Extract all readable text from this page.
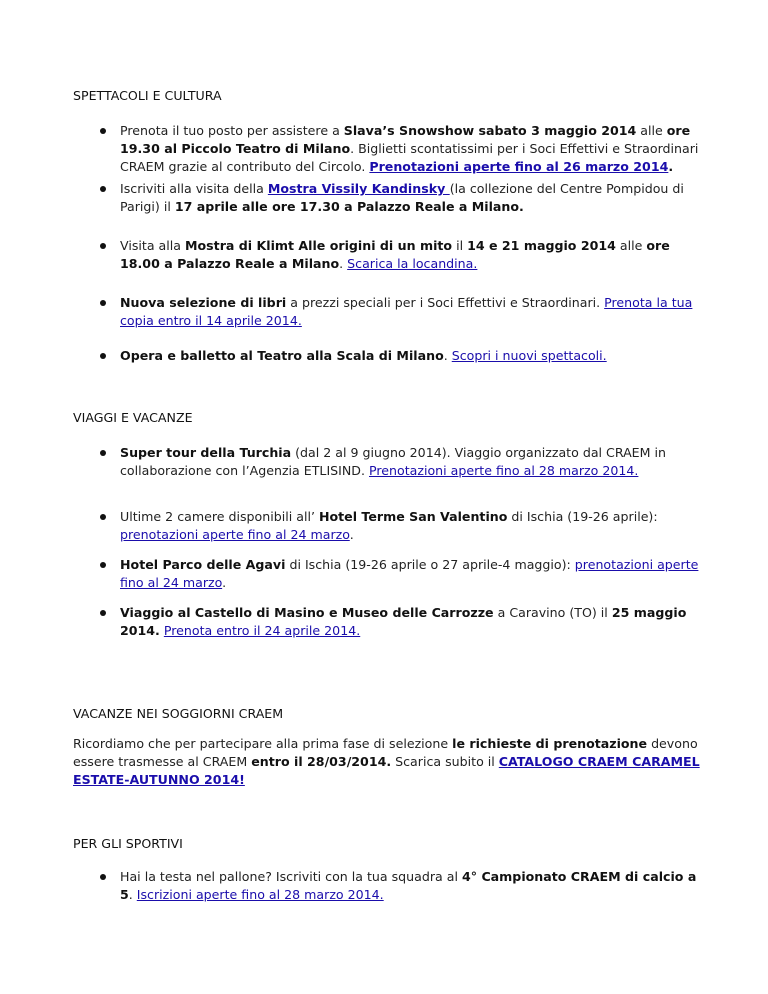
SPETTACOLI E CULTURA
Prenota il tuo posto per assistere a Slava’s Snowshow sabato 3 maggio 2014 alle ore 19.30 al Piccolo Teatro di Milano. Biglietti scontatissimi per i Soci Effettivi e Straordinari CRAEM grazie al contributo del Circolo. Prenotazioni aperte fino al 26 marzo 2014.
Iscriviti alla visita della Mostra Vissily Kandinsky (la collezione del Centre Pompidou di Parigi) il 17 aprile alle ore 17.30 a Palazzo Reale a Milano.
Visita alla Mostra di Klimt Alle origini di un mito il 14 e 21 maggio 2014 alle ore 18.00 a Palazzo Reale a Milano. Scarica la locandina.
Nuova selezione di libri a prezzi speciali per i Soci Effettivi e Straordinari. Prenota la tua copia entro il 14 aprile 2014.
Opera e balletto al Teatro alla Scala di Milano. Scopri i nuovi spettacoli.
VIAGGI E VACANZE
Super tour della Turchia (dal 2 al 9 giugno 2014). Viaggio organizzato dal CRAEM in collaborazione con l’Agenzia ETLISIND. Prenotazioni aperte fino al 28 marzo 2014.
Ultime 2 camere disponibili all’ Hotel Terme San Valentino di Ischia (19-26 aprile): prenotazioni aperte fino al 24 marzo.
Hotel Parco delle Agavi di Ischia (19-26 aprile o 27 aprile-4 maggio): prenotazioni aperte fino al 24 marzo.
Viaggio al Castello di Masino e Museo delle Carrozze a Caravino (TO) il 25 maggio 2014. Prenota entro il 24 aprile 2014.
VACANZE NEI SOGGIORNI CRAEM
Ricordiamo che per partecipare alla prima fase di selezione le richieste di prenotazione devono essere trasmesse al CRAEM entro il 28/03/2014. Scarica subito il CATALOGO CRAEM CARAMEL ESTATE-AUTUNNO 2014!
PER GLI SPORTIVI
Hai la testa nel pallone? Iscriviti con la tua squadra al 4° Campionato CRAEM di calcio a 5. Iscrizioni aperte fino al 28 marzo 2014.
